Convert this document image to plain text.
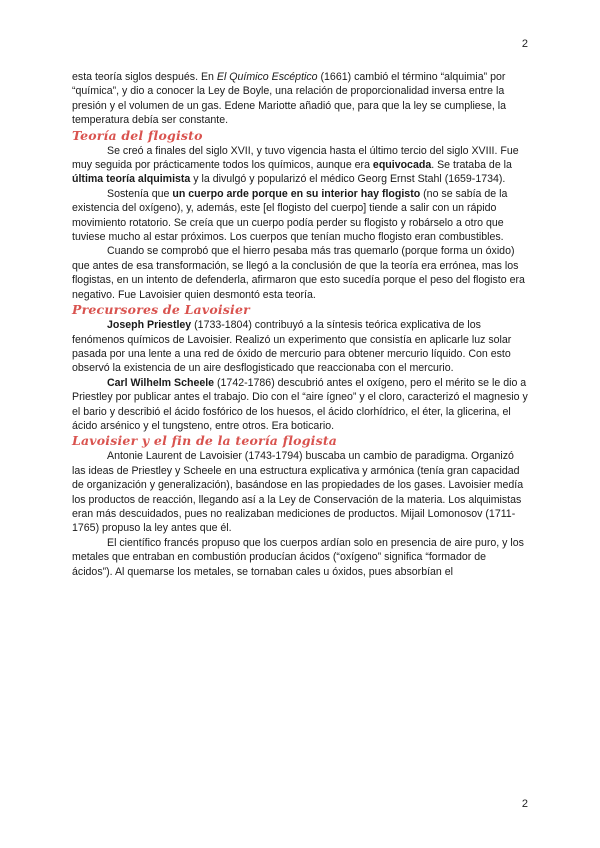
2

esta teoría siglos después. En El Químico Escéptico (1661) cambió el término “alquimia” por “química”, y dio a conocer la Ley de Boyle, una relación de proporcionalidad inversa entre la presión y el volumen de un gas. Edene Mariotte añadió que, para que la ley se cumpliese, la temperatura debía ser constante.

Teoría del flogisto

Se creó a finales del siglo XVII, y tuvo vigencia hasta el último tercio del siglo XVIII. Fue muy seguida por prácticamente todos los químicos, aunque era equivocada. Se trataba de la última teoría alquimista y la divulgó y popularizó el médico Georg Ernst Stahl (1659-1734).

Sostenía que un cuerpo arde porque en su interior hay flogisto (no se sabía de la existencia del oxígeno), y, además, este [el flogisto del cuerpo] tiende a salir con un rápido movimiento rotatorio. Se creía que un cuerpo podía perder su flogisto y robárselo a otro que tuviese mucho al estar próximos. Los cuerpos que tenían mucho flogisto eran combustibles.

Cuando se comprobó que el hierro pesaba más tras quemarlo (porque forma un óxido) que antes de esa transformación, se llegó a la conclusión de que la teoría era errónea, mas los flogistas, en un intento de defenderla, afirmaron que esto sucedía porque el peso del flogisto era negativo. Fue Lavoisier quien desmontó esta teoría.

Precursores de Lavoisier

Joseph Priestley (1733-1804) contribuyó a la síntesis teórica explicativa de los fenómenos químicos de Lavoisier. Realizó un experimento que consistía en aplicarle luz solar pasada por una lente a una red de óxido de mercurio para obtener mercurio líquido. Con esto observó la existencia de un aire desflogisticado que reaccionaba con el mercurio.

Carl Wilhelm Scheele (1742-1786) descubrió antes el oxígeno, pero el mérito se le dio a Priestley por publicar antes el trabajo. Dio con el “aire ígneo” y el cloro, caracterizó el magnesio y el bario y describió el ácido fosfórico de los huesos, el ácido clorhídrico, el éter, la glicerina, el ácido arsénico y el tungsteno, entre otros. Era boticario.

Lavoisier y el fin de la teoría flogista

Antonie Laurent de Lavoisier (1743-1794) buscaba un cambio de paradigma. Organizó las ideas de Priestley y Scheele en una estructura explicativa y armónica (tenía gran capacidad de organización y generalización), basándose en las propiedades de los gases. Lavoisier medía los productos de reacción, llegando así a la Ley de Conservación de la materia. Los alquimistas eran más descuidados, pues no realizaban mediciones de productos. Mijail Lomonosov (1711-1765) propuso la ley antes que él.

El científico francés propuso que los cuerpos ardían solo en presencia de aire puro, y los metales que entraban en combustión producían ácidos (“oxígeno” significa “formador de ácidos”). Al quemarse los metales, se tornaban cales u óxidos, pues absorbían el

2
